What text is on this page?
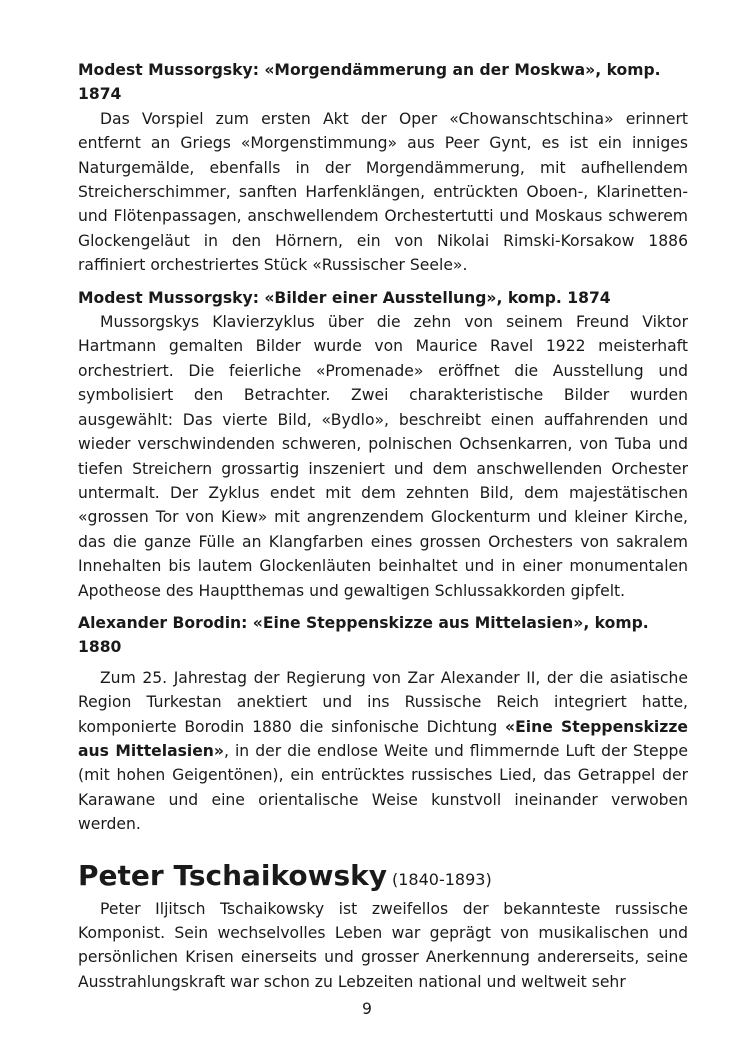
Modest Mussorgsky: «Morgendämmerung an der Moskwa», komp. 1874

Das Vorspiel zum ersten Akt der Oper «Chowanschtschina» erinnert entfernt an Griegs «Morgenstimmung» aus Peer Gynt, es ist ein inniges Naturgemälde, ebenfalls in der Morgendämmerung, mit aufhellendem Streicherschimmer, sanften Harfenklängen, entrückten Oboen-, Klarinetten- und Flötenpassagen, anschwellendem Orchestertutti und Moskaus schwerem Glockengeläut in den Hörnern, ein von Nikolai Rimski-Korsakow 1886 raffiniert orchestriertes Stück «Russischer Seele».

Modest Mussorgsky: «Bilder einer Ausstellung», komp. 1874

Mussorgskys Klavierzyklus über die zehn von seinem Freund Viktor Hartmann gemalten Bilder wurde von Maurice Ravel 1922 meisterhaft orchestriert. Die feierliche «Promenade» eröffnet die Ausstellung und symbolisiert den Betrachter. Zwei charakteristische Bilder wurden ausgewählt: Das vierte Bild, «Bydlo», beschreibt einen auffahrenden und wieder verschwindenden schweren, polnischen Ochsenkarren, von Tuba und tiefen Streichern grossartig inszeniert und dem anschwellenden Orchester untermalt. Der Zyklus endet mit dem zehnten Bild, dem majestätischen «grossen Tor von Kiew» mit angrenzendem Glockenturm und kleiner Kirche, das die ganze Fülle an Klangfarben eines grossen Orchesters von sakralem Innehalten bis lautem Glockenläuten beinhaltet und in einer monumentalen Apotheose des Hauptthemas und gewaltigen Schlussakkorden gipfelt.

Alexander Borodin: «Eine Steppenskizze aus Mittelasien», komp. 1880

Zum 25. Jahrestag der Regierung von Zar Alexander II, der die asiatische Region Turkestan anektiert und ins Russische Reich integriert hatte, komponierte Borodin 1880 die sinfonische Dichtung «Eine Steppenskizze aus Mittelasien», in der die endlose Weite und flimmernde Luft der Steppe (mit hohen Geigentönen), ein entrücktes russisches Lied, das Getrappel der Karawane und eine orientalische Weise kunstvoll ineinander verwoben werden.

Peter Tschaikowsky (1840-1893)

Peter Iljitsch Tschaikowsky ist zweifellos der bekannteste russische Komponist. Sein wechselvolles Leben war geprägt von musikalischen und persönlichen Krisen einerseits und grosser Anerkennung andererseits, seine Ausstrahlungskraft war schon zu Lebzeiten national und weltweit sehr

9
